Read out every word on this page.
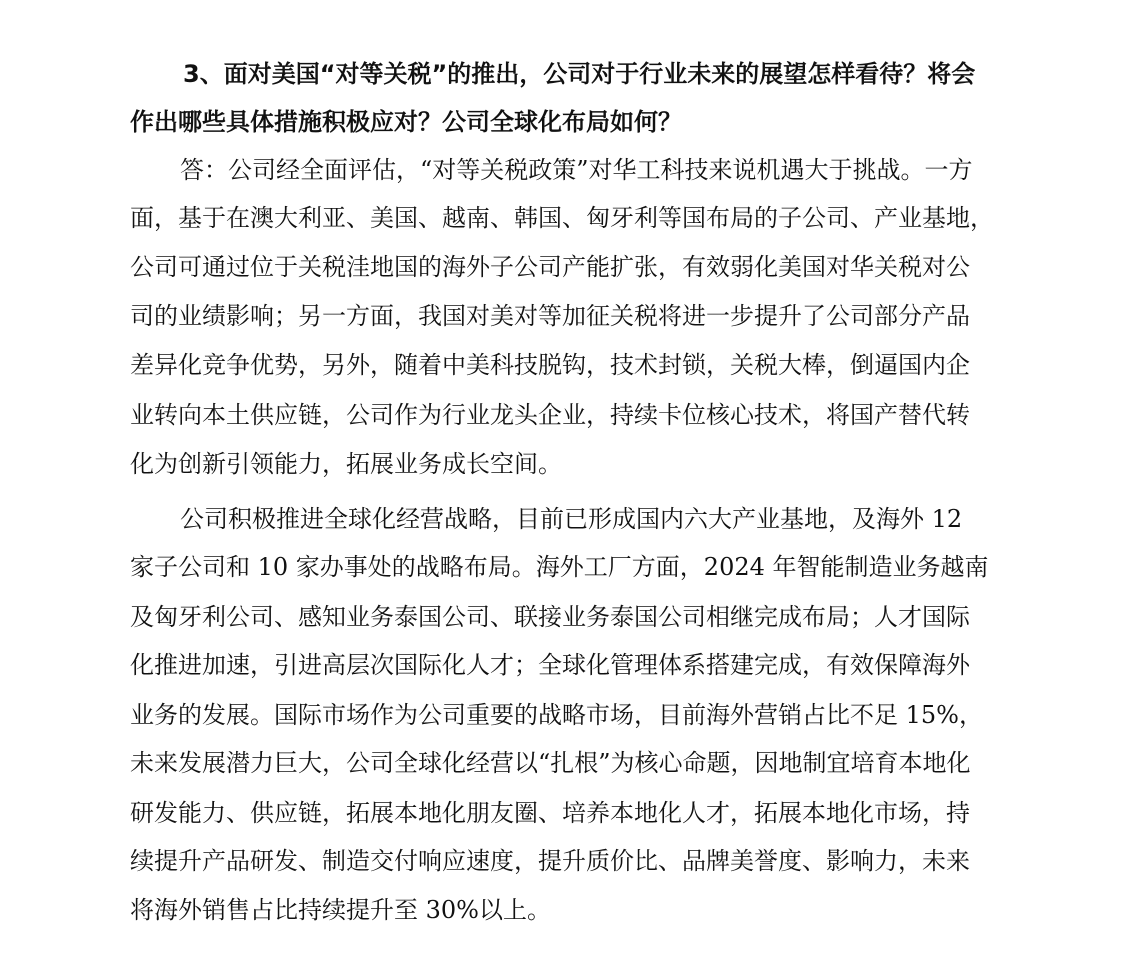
3、面对美国“对等关税”的推出，公司对于行业未来的展望怎样看待？将会
作出哪些具体措施积极应对？公司全球化布局如何？
答：公司经全面评估，“对等关税政策”对华工科技来说机遇大于挑战。一方
面，基于在澳大利亚、美国、越南、韩国、匈牙利等国布局的子公司、产业基地，
公司可通过位于关税洼地国的海外子公司产能扩张，有效弱化美国对华关税对公
司的业绩影响；另一方面，我国对美对等加征关税将进一步提升了公司部分产品
差异化竞争优势，另外，随着中美科技脱钩，技术封锁，关税大棒，倒逼国内企
业转向本土供应链，公司作为行业龙头企业，持续卡位核心技术，将国产替代转
化为创新引领能力，拓展业务成长空间。
公司积极推进全球化经营战略，目前已形成国内六大产业基地，及海外 12
家子公司和 10 家办事处的战略布局。海外工厂方面，2024 年智能制造业务越南
及匈牙利公司、感知业务泰国公司、联接业务泰国公司相继完成布局；人才国际
化推进加速，引进高层次国际化人才；全球化管理体系搭建完成，有效保障海外
业务的发展。国际市场作为公司重要的战略市场，目前海外营销占比不足 15%，
未来发展潜力巨大，公司全球化经营以“扎根”为核心命题，因地制宜培育本地化
研发能力、供应链，拓展本地化朋友圈、培养本地化人才，拓展本地化市场，持
续提升产品研发、制造交付响应速度，提升质价比、品牌美誉度、影响力，未来
将海外销售占比持续提升至 30%以上。
